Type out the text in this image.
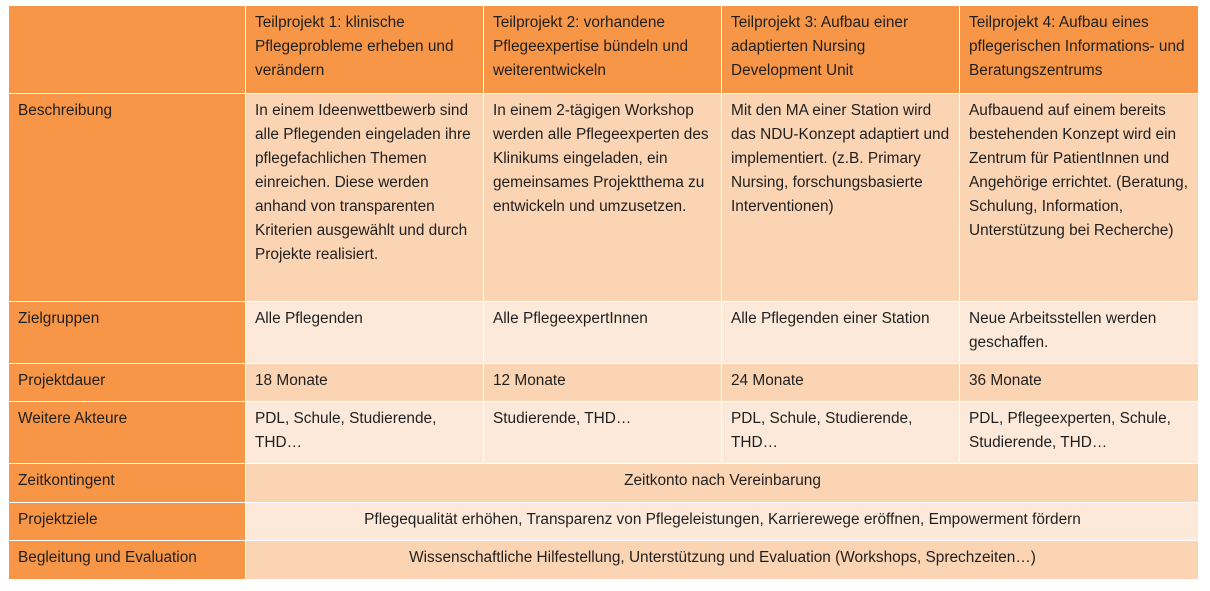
	Teilprojekt 1: klinische Pflegeprobleme erheben und verändern	Teilprojekt 2: vorhandene Pflegeexpertise bündeln und weiterentwickeln	Teilprojekt 3: Aufbau einer adaptierten Nursing Development Unit	Teilprojekt 4: Aufbau eines pflegerischen Informations- und Beratungszentrums
Beschreibung	In einem Ideenwettbewerb sind alle Pflegenden eingeladen ihre pflegefachlichen Themen einreichen. Diese werden anhand von transparenten Kriterien ausgewählt und durch Projekte realisiert.	In einem 2-tägigen Workshop werden alle Pflegeexperten des Klinikums eingeladen, ein gemeinsames Projektthema zu entwickeln und umzusetzen.	Mit den MA einer Station wird das NDU-Konzept adaptiert und implementiert. (z.B. Primary Nursing, forschungsbasierte Interventionen)	Aufbauend auf einem bereits bestehenden Konzept wird ein Zentrum für PatientInnen und Angehörige errichtet. (Beratung, Schulung, Information, Unterstützung bei Recherche)
Zielgruppen	Alle Pflegenden	Alle PflegeexpertInnen	Alle Pflegenden einer Station	Neue Arbeitsstellen werden geschaffen.
Projektdauer	18 Monate	12 Monate	24 Monate	36 Monate
Weitere Akteure	PDL, Schule, Studierende, THD…	Studierende, THD…	PDL, Schule, Studierende, THD…	PDL, Pflegeexperten, Schule, Studierende, THD…
Zeitkontingent	Zeitkonto nach Vereinbarung			
Projektziele	Pflegequalität erhöhen, Transparenz von Pflegeleistungen, Karrierewege eröffnen, Empowerment fördern			
Begleitung und Evaluation	Wissenschaftliche Hilfestellung, Unterstützung und Evaluation (Workshops, Sprechzeiten…)			
